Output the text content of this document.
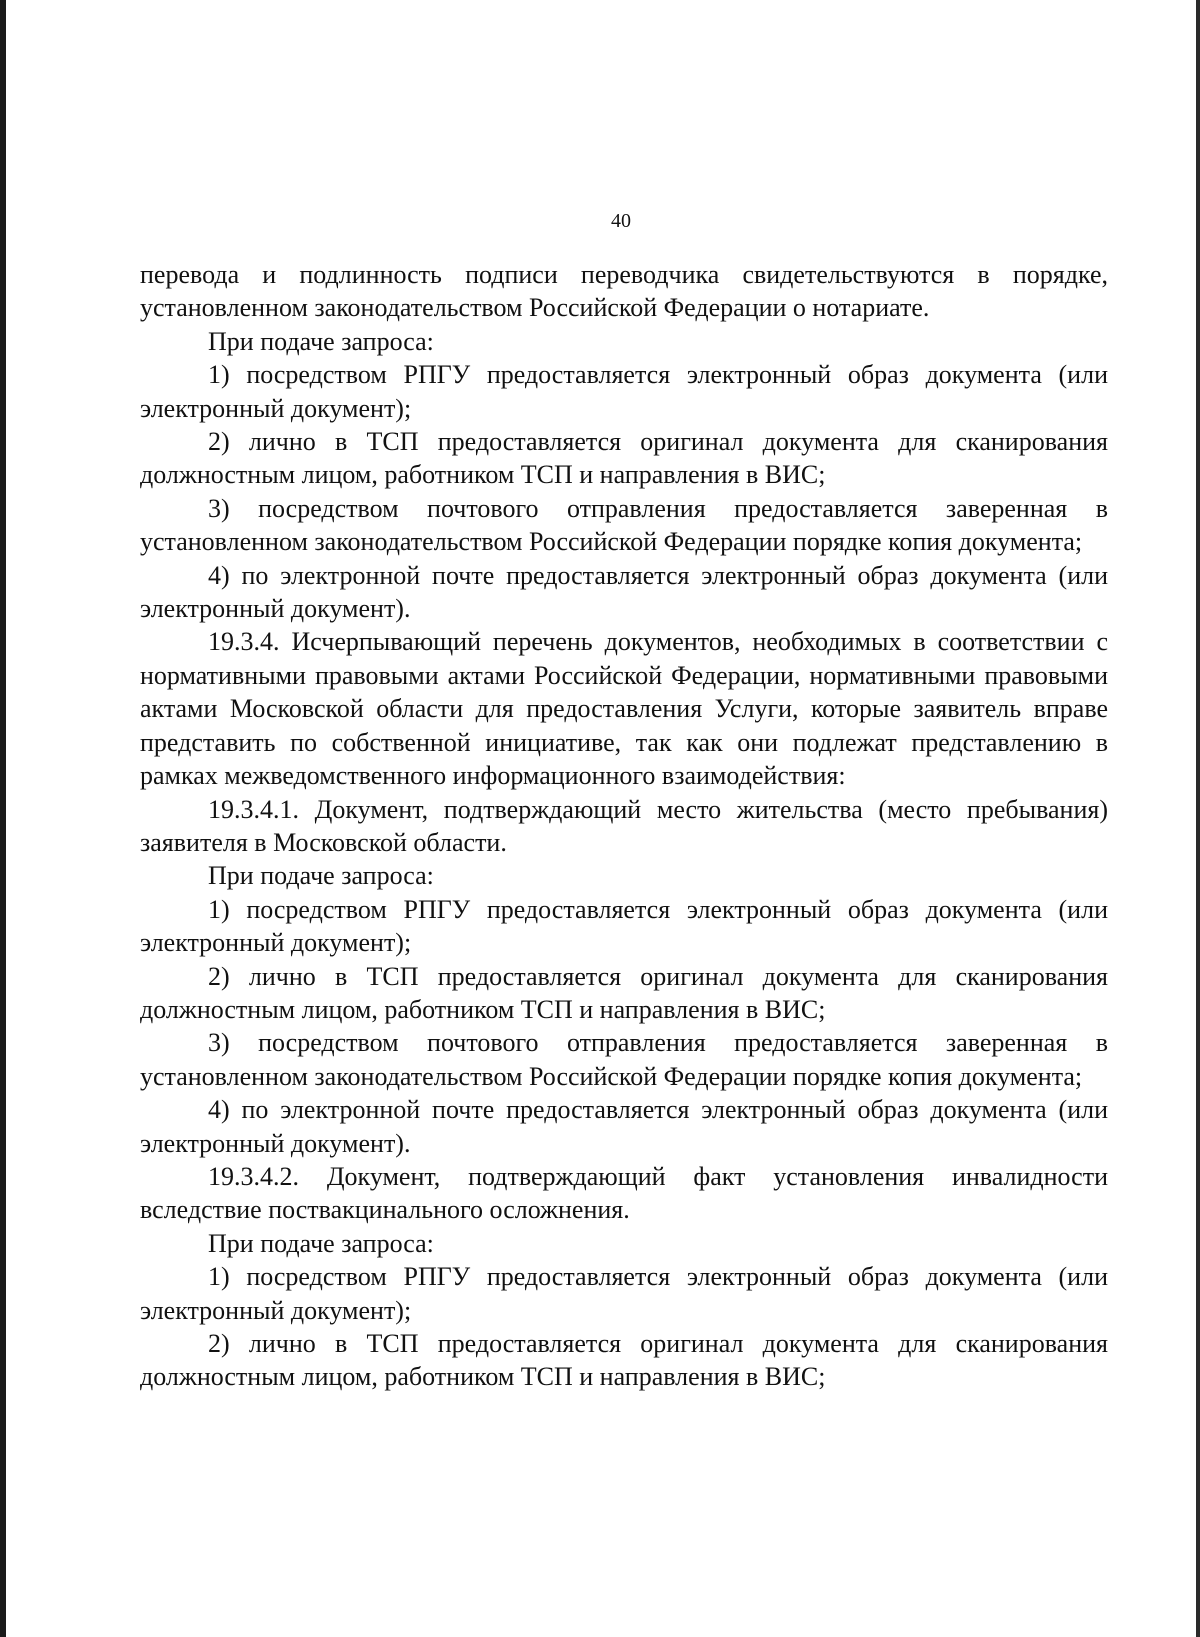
40

перевода и подлинность подписи переводчика свидетельствуются в порядке, установленном законодательством Российской Федерации о нотариате.

При подаче запроса:

1) посредством РПГУ предоставляется электронный образ документа (или электронный документ);

2) лично в ТСП предоставляется оригинал документа для сканирования должностным лицом, работником ТСП и направления в ВИС;

3) посредством почтового отправления предоставляется заверенная в установленном законодательством Российской Федерации порядке копия документа;

4) по электронной почте предоставляется электронный образ документа (или электронный документ).

19.3.4. Исчерпывающий перечень документов, необходимых в соответствии с нормативными правовыми актами Российской Федерации, нормативными правовыми актами Московской области для предоставления Услуги, которые заявитель вправе представить по собственной инициативе, так как они подлежат представлению в рамках межведомственного информационного взаимодействия:

19.3.4.1. Документ, подтверждающий место жительства (место пребывания) заявителя в Московской области.

При подаче запроса:

1) посредством РПГУ предоставляется электронный образ документа (или электронный документ);

2) лично в ТСП предоставляется оригинал документа для сканирования должностным лицом, работником ТСП и направления в ВИС;

3) посредством почтового отправления предоставляется заверенная в установленном законодательством Российской Федерации порядке копия документа;

4) по электронной почте предоставляется электронный образ документа (или электронный документ).

19.3.4.2. Документ, подтверждающий факт установления инвалидности вследствие поствакцинального осложнения.

При подаче запроса:

1) посредством РПГУ предоставляется электронный образ документа (или электронный документ);

2) лично в ТСП предоставляется оригинал документа для сканирования должностным лицом, работником ТСП и направления в ВИС;
